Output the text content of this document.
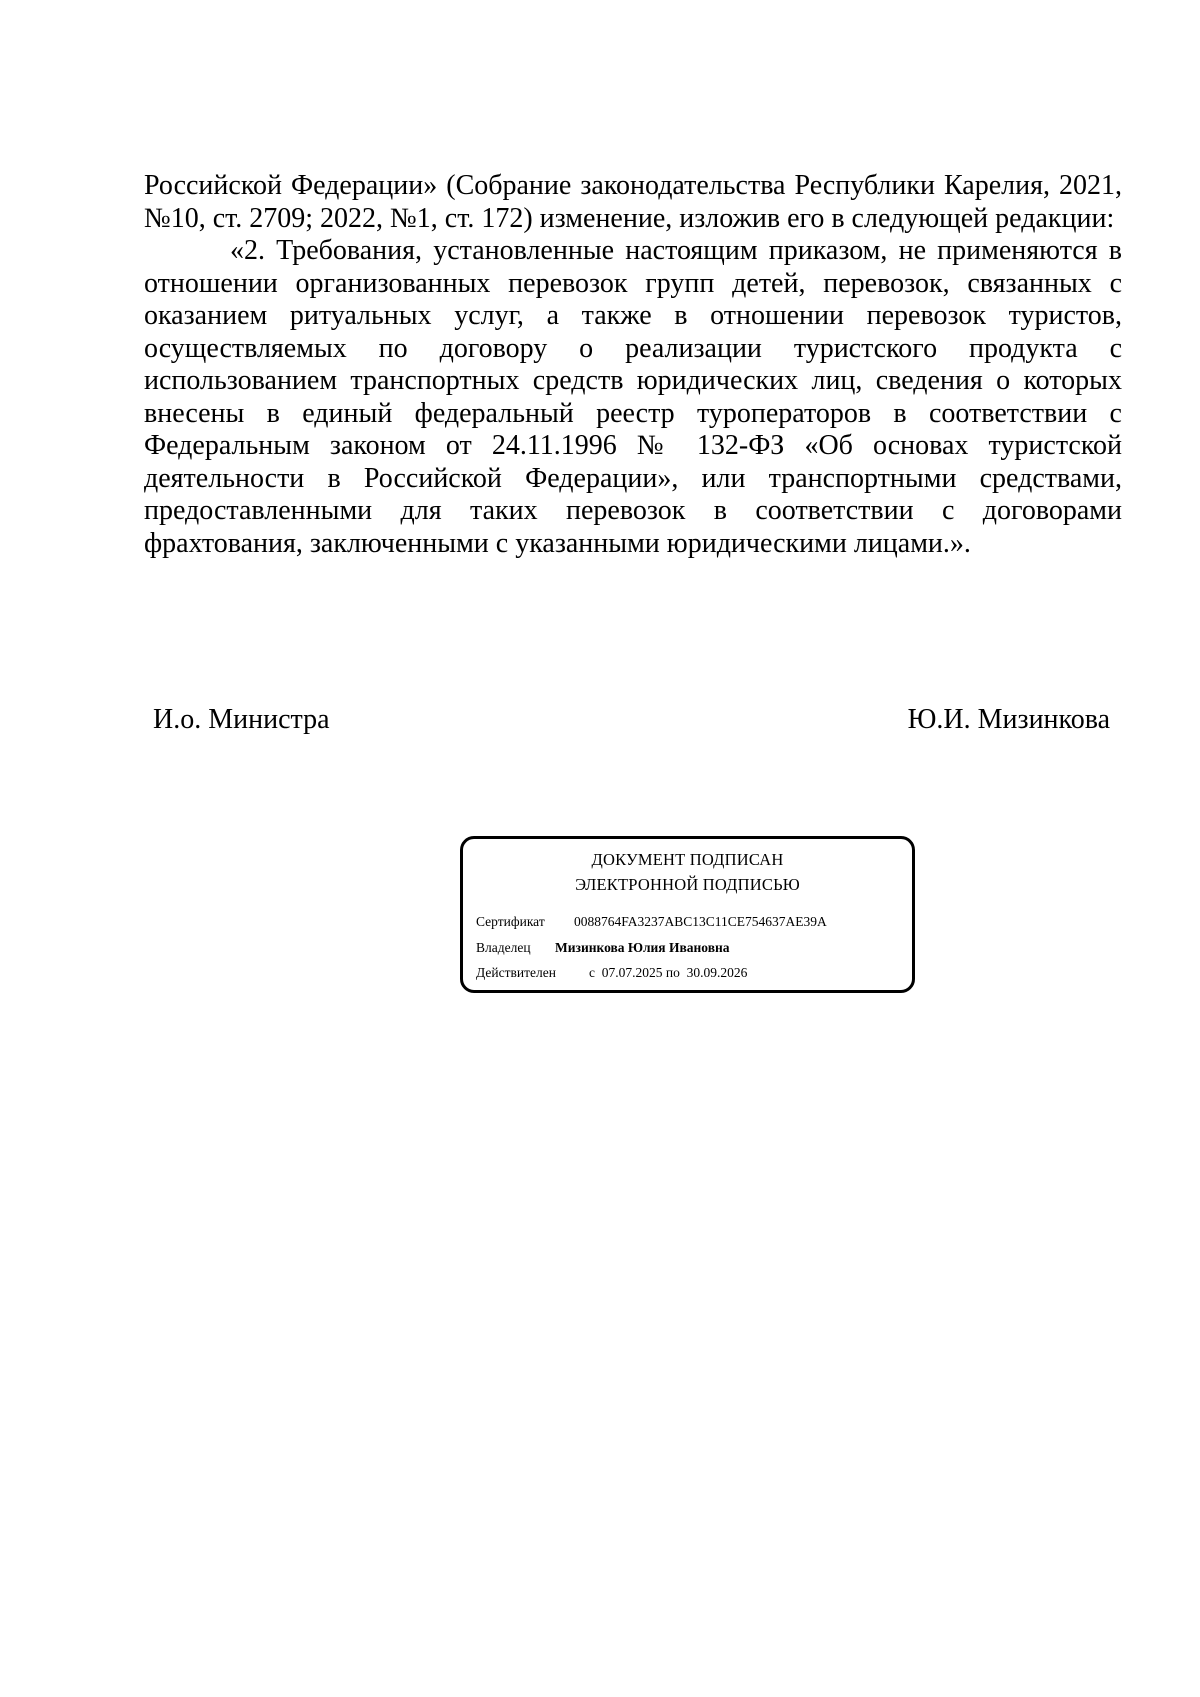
Российской Федерации» (Собрание законодательства Республики Карелия, 2021, №10, ст. 2709; 2022, №1, ст. 172) изменение, изложив его в следующей редакции:

«2. Требования, установленные настоящим приказом, не применяются в отношении организованных перевозок групп детей, перевозок, связанных с оказанием ритуальных услуг, а также в отношении перевозок туристов, осуществляемых по договору о реализации туристского продукта с использованием транспортных средств юридических лиц, сведения о которых внесены в единый федеральный реестр туроператоров в соответствии с Федеральным законом от 24.11.1996 № 132-ФЗ «Об основах туристской деятельности в Российской Федерации», или транспортными средствами, предоставленными для таких перевозок в соответствии с договорами фрахтования, заключенными с указанными юридическими лицами.».

И.о. Министра	Ю.И. Мизинкова
ДОКУМЕНТ ПОДПИСАН
ЭЛЕКТРОННОЙ ПОДПИСЬЮ
Сертификат 0088764FA3237ABC13C11CE754637AE39A
Владелец Мизинкова Юлия Ивановна
Действителен с 07.07.2025 по 30.09.2026
